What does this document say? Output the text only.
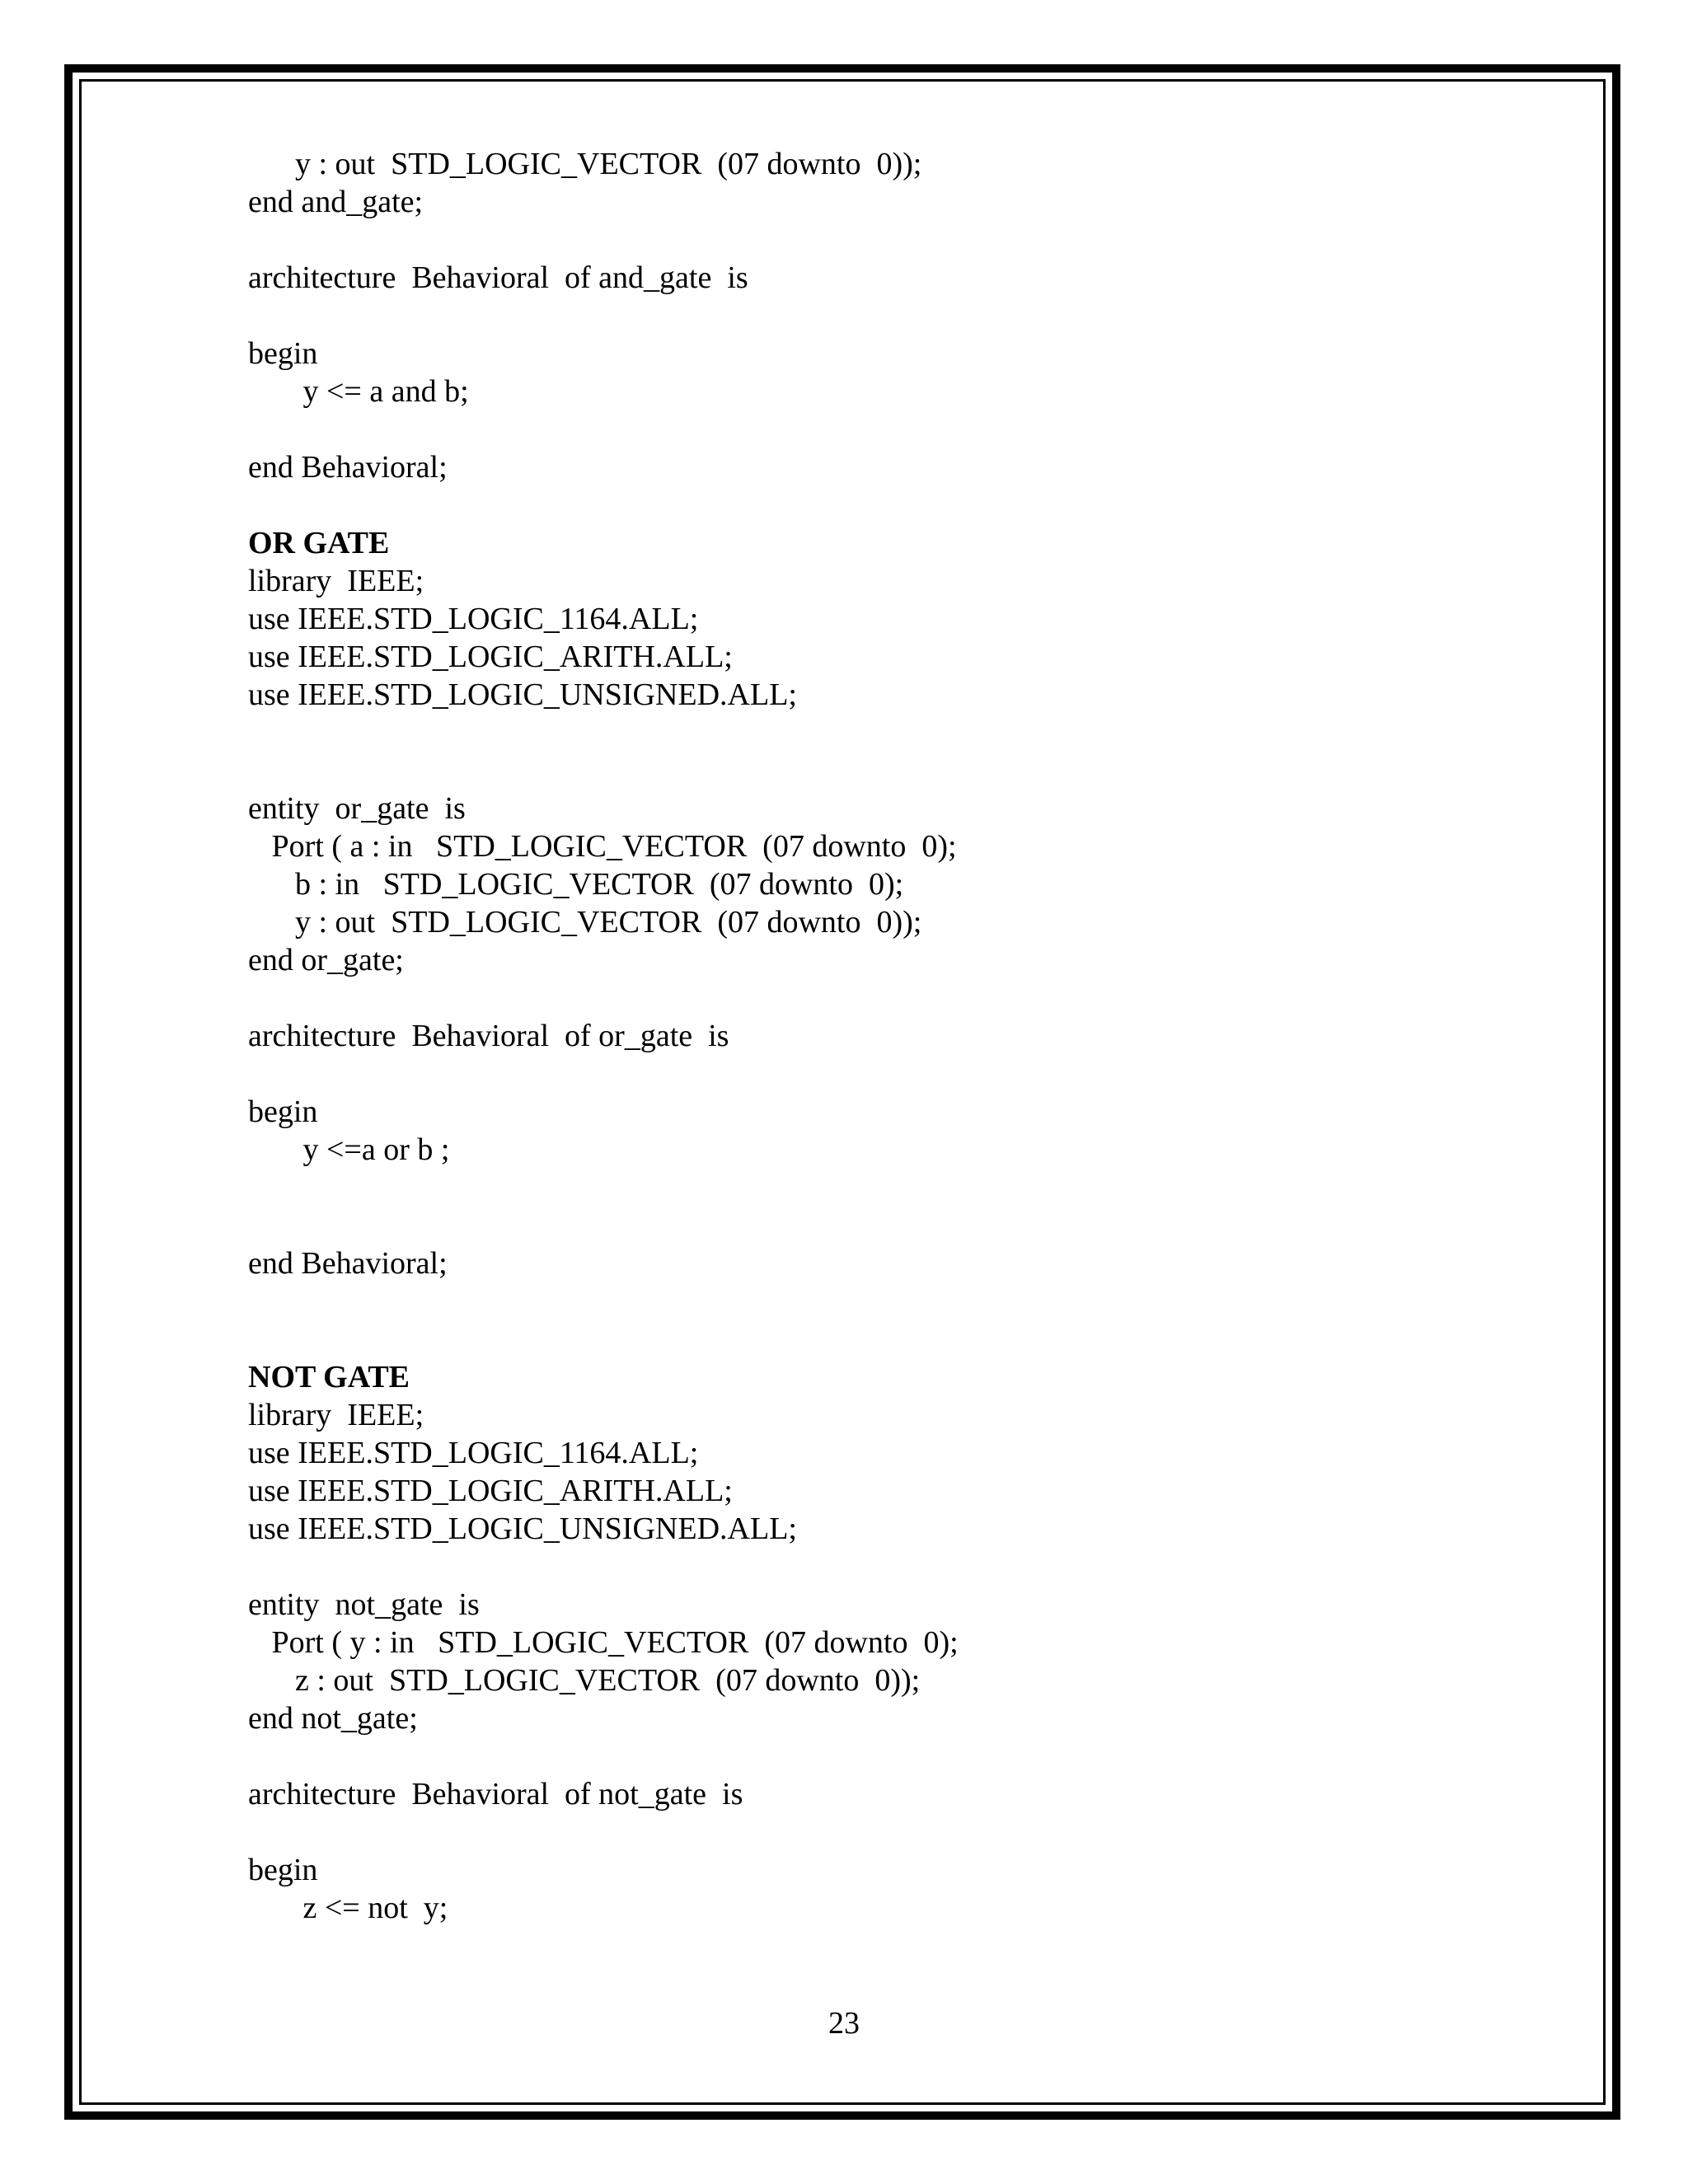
y : out  STD_LOGIC_VECTOR  (07 downto  0));
end and_gate;
architecture  Behavioral  of and_gate  is
begin
y <= a and b;
end Behavioral;
OR GATE
library  IEEE;
use IEEE.STD_LOGIC_1164.ALL;
use IEEE.STD_LOGIC_ARITH.ALL;
use IEEE.STD_LOGIC_UNSIGNED.ALL;
entity  or_gate  is
Port ( a : in   STD_LOGIC_VECTOR  (07 downto  0);
b : in   STD_LOGIC_VECTOR  (07 downto  0);
y : out  STD_LOGIC_VECTOR  (07 downto  0));
end or_gate;
architecture  Behavioral  of or_gate  is
begin
y <=a or b ;
end Behavioral;
NOT GATE
library  IEEE;
use IEEE.STD_LOGIC_1164.ALL;
use IEEE.STD_LOGIC_ARITH.ALL;
use IEEE.STD_LOGIC_UNSIGNED.ALL;
entity  not_gate  is
Port ( y : in   STD_LOGIC_VECTOR  (07 downto  0);
z : out  STD_LOGIC_VECTOR  (07 downto  0));
end not_gate;
architecture  Behavioral  of not_gate  is
begin
z <= not  y;
23
